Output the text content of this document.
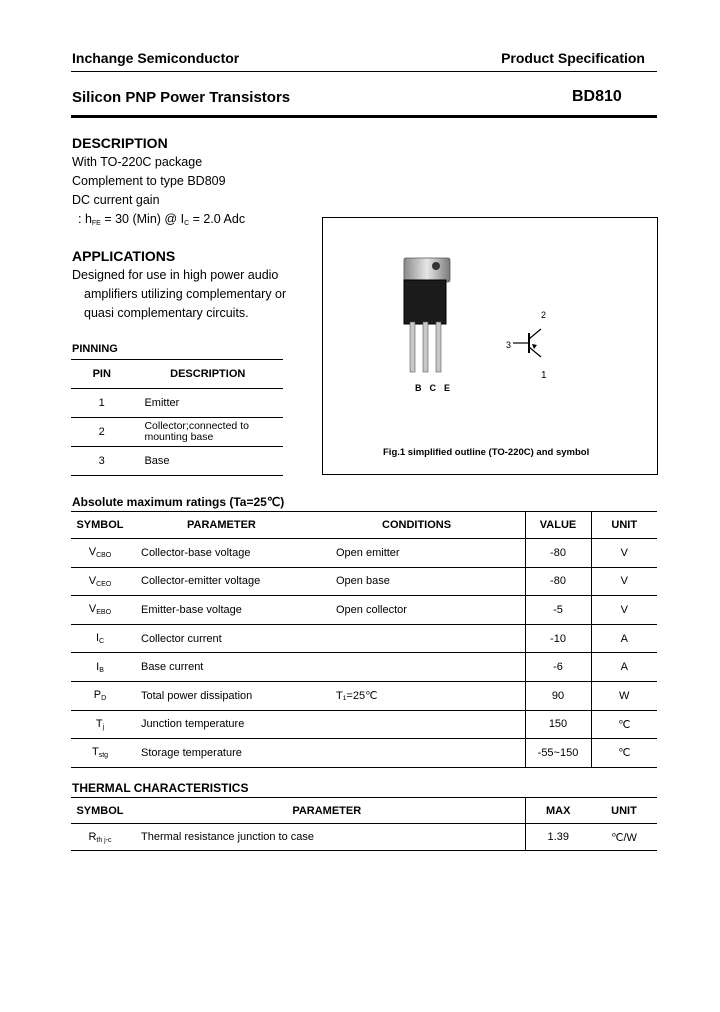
Inchange Semiconductor	Product Specification
Silicon PNP Power Transistors	BD810
DESCRIPTION
With TO-220C package
Complement to type BD809
DC current gain
: $h_{FE} = 30$ (Min) @ $I_C = 2.0$ Adc
APPLICATIONS
Designed for use in high power audio
amplifiers utilizing complementary or
quasi complementary circuits.
PINNING
PIN	DESCRIPTION
1	Emitter
2	Collector;connected to mounting base
3	Base
B  C  E
2
3
1
Fig.1 simplified outline (TO-220C) and symbol
Absolute maximum ratings (Ta=25℃)
SYMBOL	PARAMETER	CONDITIONS	VALUE	UNIT
$V_{CBO}$	Collector-base voltage	Open emitter	-80	V
$V_{CEO}$	Collector-emitter voltage	Open base	-80	V
$V_{EBO}$	Emitter-base voltage	Open collector	-5	V
$I_C$	Collector current		-10	A
$I_B$	Base current		-6	A
$P_D$	Total power dissipation	T₁=25℃	90	W
$T_j$	Junction temperature		150	℃
$T_{stg}$	Storage temperature		-55~150	℃
THERMAL CHARACTERISTICS
SYMBOL	PARAMETER	MAX	UNIT
$R_{th j-c}$	Thermal resistance junction to case	1.39	℃/W
